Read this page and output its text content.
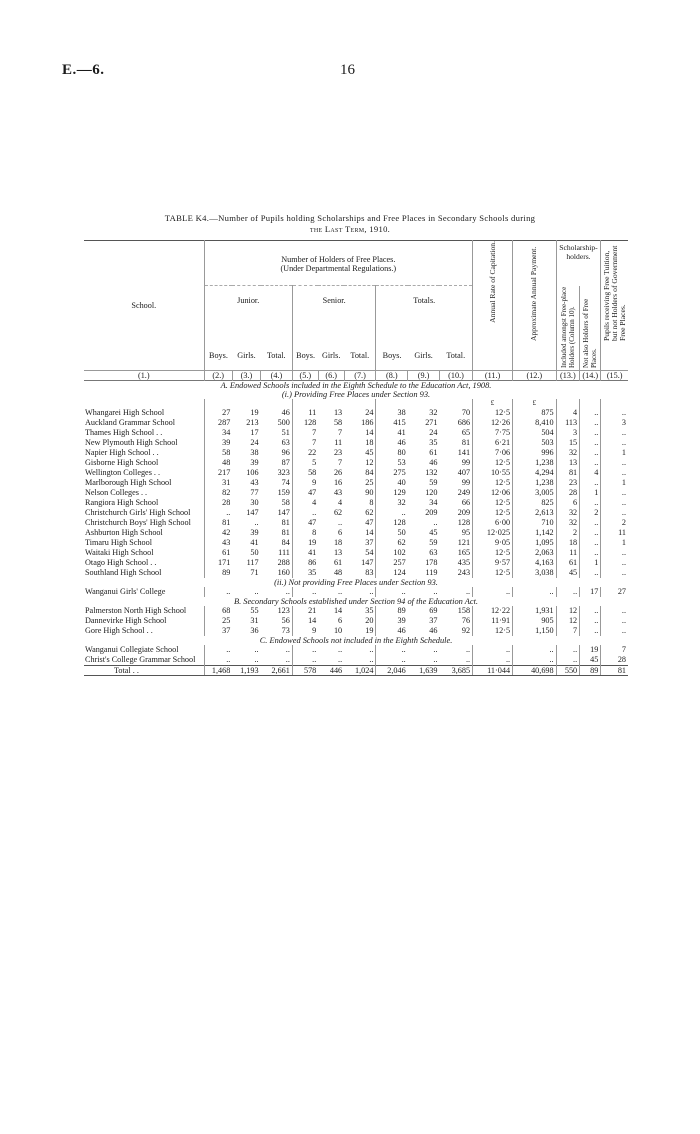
E.—6.	16
TABLE K4.—Number of Pupils holding Scholarships and Free Places in Secondary Schools during
the Last Term, 1910.
School.	Number of Holders of Free Places.
(Under Departmental Regulations.)									Annual Rate of Capitation.	Approximate Annual Payment.	Scholarship-holders.		Pupils receiving Free Tuition, but not Holders of Government Free Places.
	Junior.			Senior.			Totals.					Included amongst Free-place Holders (Column 10).	Not also Holders of Free Places.	
	Boys.	Girls.	Total.	Boys.	Girls.	Total.	Boys.	Girls.	Total.					
(1.)	(2.)	(3.)	(4.)	(5.)	(6.)	(7.)	(8.)	(9.)	(10.)	(11.)	(12.)	(13.)	(14.)	(15.)
A. Endowed Schools included in the Eighth Schedule to the Education Act, 1908.														
(i.) Providing Free Places under Section 93.														
										£	£			
Whangarei High School	27	19	46	11	13	24	38	32	70	12·5	875	4	..	..
Auckland Grammar School	287	213	500	128	58	186	415	271	686	12·26	8,410	113	..	3
Thames High School . .	34	17	51	7	7	14	41	24	65	7·75	504	3	..	..
New Plymouth High School	39	24	63	7	11	18	46	35	81	6·21	503	15	..	..
Napier High School . .	58	38	96	22	23	45	80	61	141	7·06	996	32	..	1
Gisborne High School	48	39	87	5	7	12	53	46	99	12·5	1,238	13	..	..
Wellington Colleges . .	217	106	323	58	26	84	275	132	407	10·55	4,294	81	4	..
Marlborough High School	31	43	74	9	16	25	40	59	99	12·5	1,238	23	..	1
Nelson Colleges . .	82	77	159	47	43	90	129	120	249	12·06	3,005	28	1	..
Rangiora High School	28	30	58	4	4	8	32	34	66	12·5	825	6	..	..
Christchurch Girls' High School	..	147	147	..	62	62	..	209	209	12·5	2,613	32	2	..
Christchurch Boys' High School	81	..	81	47	..	47	128	..	128	6·00	710	32	..	2
Ashburton High School	42	39	81	8	6	14	50	45	95	12·025	1,142	2	..	11
Timaru High School	43	41	84	19	18	37	62	59	121	9·05	1,095	18	..	1
Waitaki High School	61	50	111	41	13	54	102	63	165	12·5	2,063	11	..	..
Otago High School . .	171	117	288	86	61	147	257	178	435	9·57	4,163	61	1	..
Southland High School	89	71	160	35	48	83	124	119	243	12·5	3,038	45	..	..
(ii.) Not providing Free Places under Section 93.														
Wanganui Girls' College	..	..	..	..	..	..	..	..	..	..	..	..	17	27
B. Secondary Schools established under Section 94 of the Education Act.														
Palmerston North High School	68	55	123	21	14	35	89	69	158	12·22	1,931	12	..	..
Dannevirke High School	25	31	56	14	6	20	39	37	76	11·91	905	12	..	..
Gore High School . .	37	36	73	9	10	19	46	46	92	12·5	1,150	7	..	..
C. Endowed Schools not included in the Eighth Schedule.														
Wanganui Collegiate School	..	..	..	..	..	..	..	..	..	..	..	..	19	7
Christ's College Grammar School	..	..	..	..	..	..	..	..	..	..	..	..	45	28
Total . .	1,468	1,193	2,661	578	446	1,024	2,046	1,639	3,685	11·044	40,698	550	89	81
